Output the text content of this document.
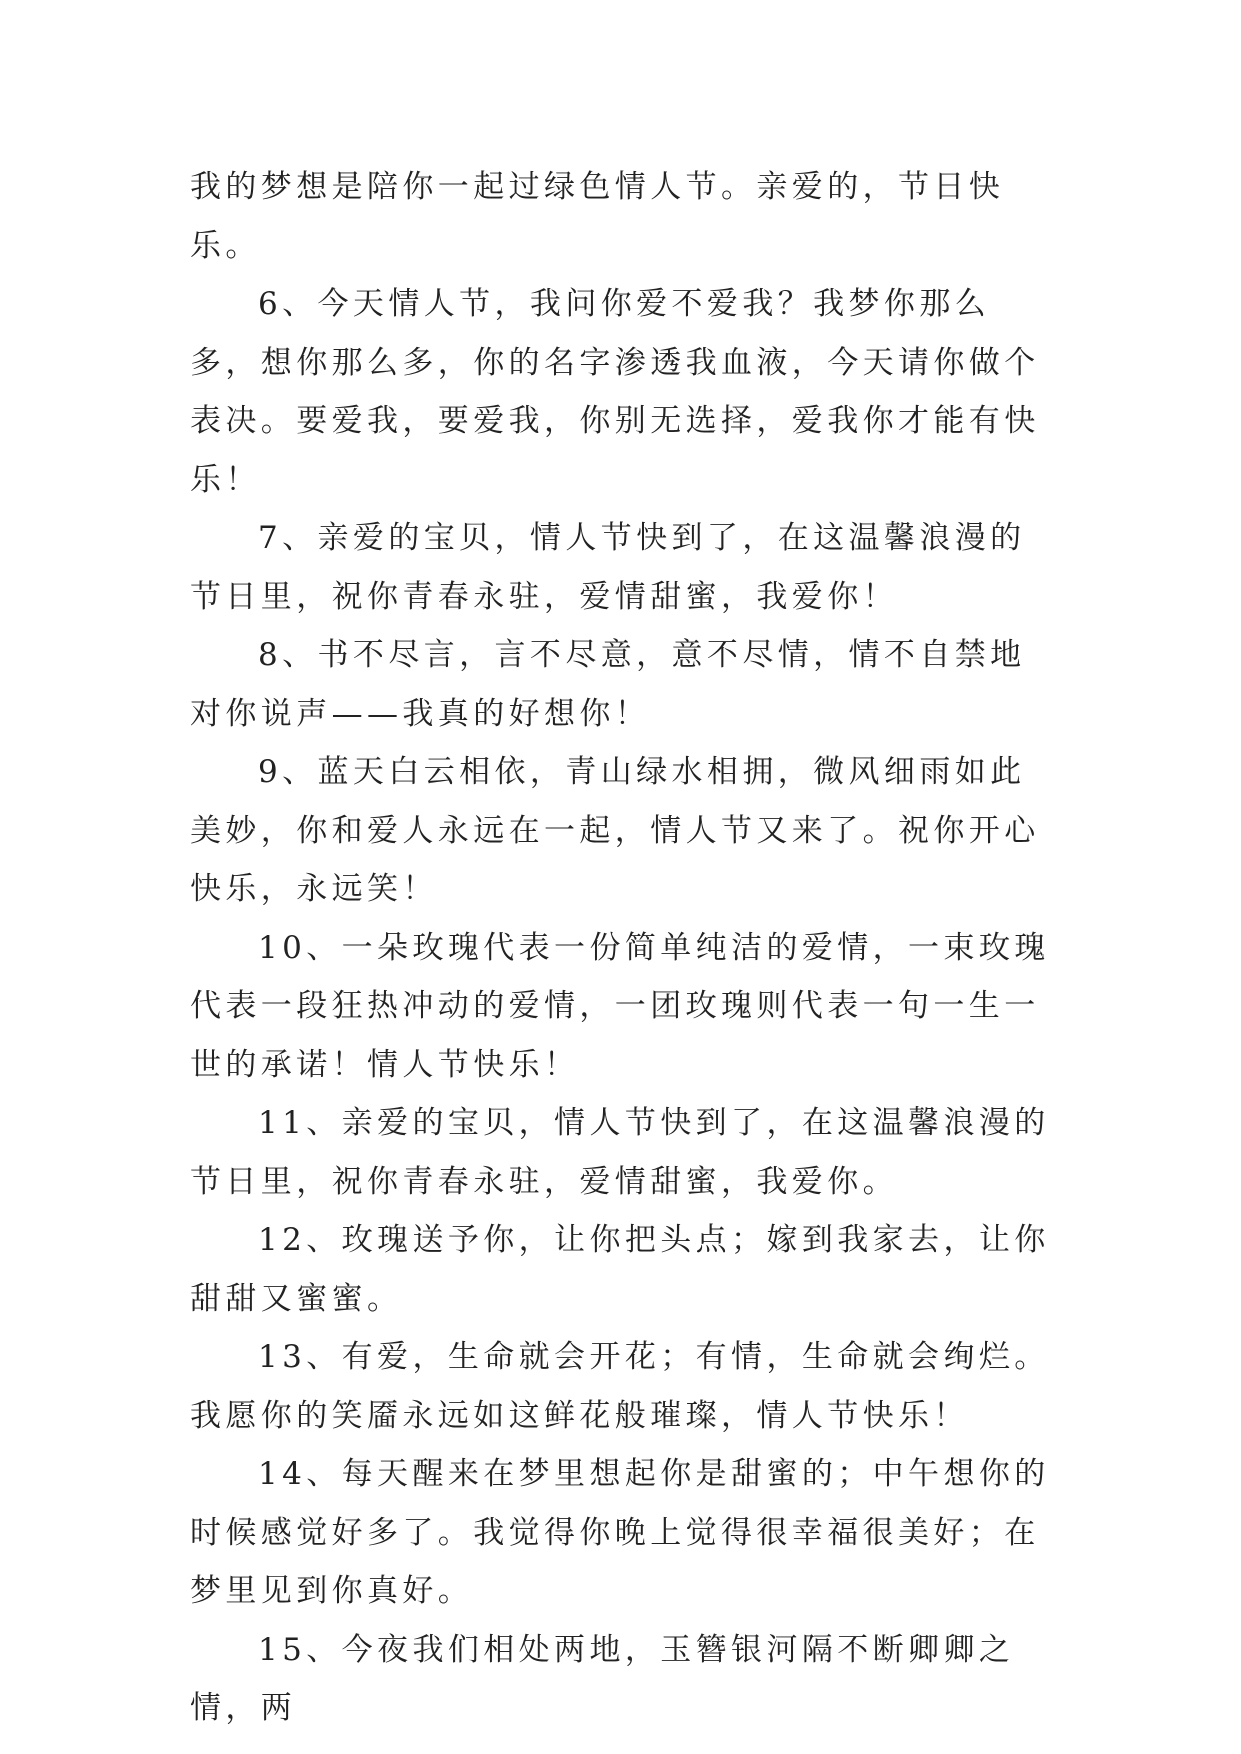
我的梦想是陪你一起过绿色情人节。亲爱的，节日快乐。

6、今天情人节，我问你爱不爱我？我梦你那么多，想你那么多，你的名字渗透我血液，今天请你做个表决。要爱我，要爱我，你别无选择，爱我你才能有快乐！

7、亲爱的宝贝，情人节快到了，在这温馨浪漫的节日里，祝你青春永驻，爱情甜蜜，我爱你！

8、书不尽言，言不尽意，意不尽情，情不自禁地对你说声——我真的好想你！

9、蓝天白云相依，青山绿水相拥，微风细雨如此美妙，你和爱人永远在一起，情人节又来了。祝你开心快乐，永远笑！

10、一朵玫瑰代表一份简单纯洁的爱情，一束玫瑰代表一段狂热冲动的爱情，一团玫瑰则代表一句一生一世的承诺！情人节快乐！

11、亲爱的宝贝，情人节快到了，在这温馨浪漫的节日里，祝你青春永驻，爱情甜蜜，我爱你。

12、玫瑰送予你，让你把头点；嫁到我家去，让你甜甜又蜜蜜。

13、有爱，生命就会开花；有情，生命就会绚烂。我愿你的笑靥永远如这鲜花般璀璨，情人节快乐！

14、每天醒来在梦里想起你是甜蜜的；中午想你的时候感觉好多了。我觉得你晚上觉得很幸福很美好；在梦里见到你真好。

15、今夜我们相处两地，玉簪银河隔不断卿卿之情，两
